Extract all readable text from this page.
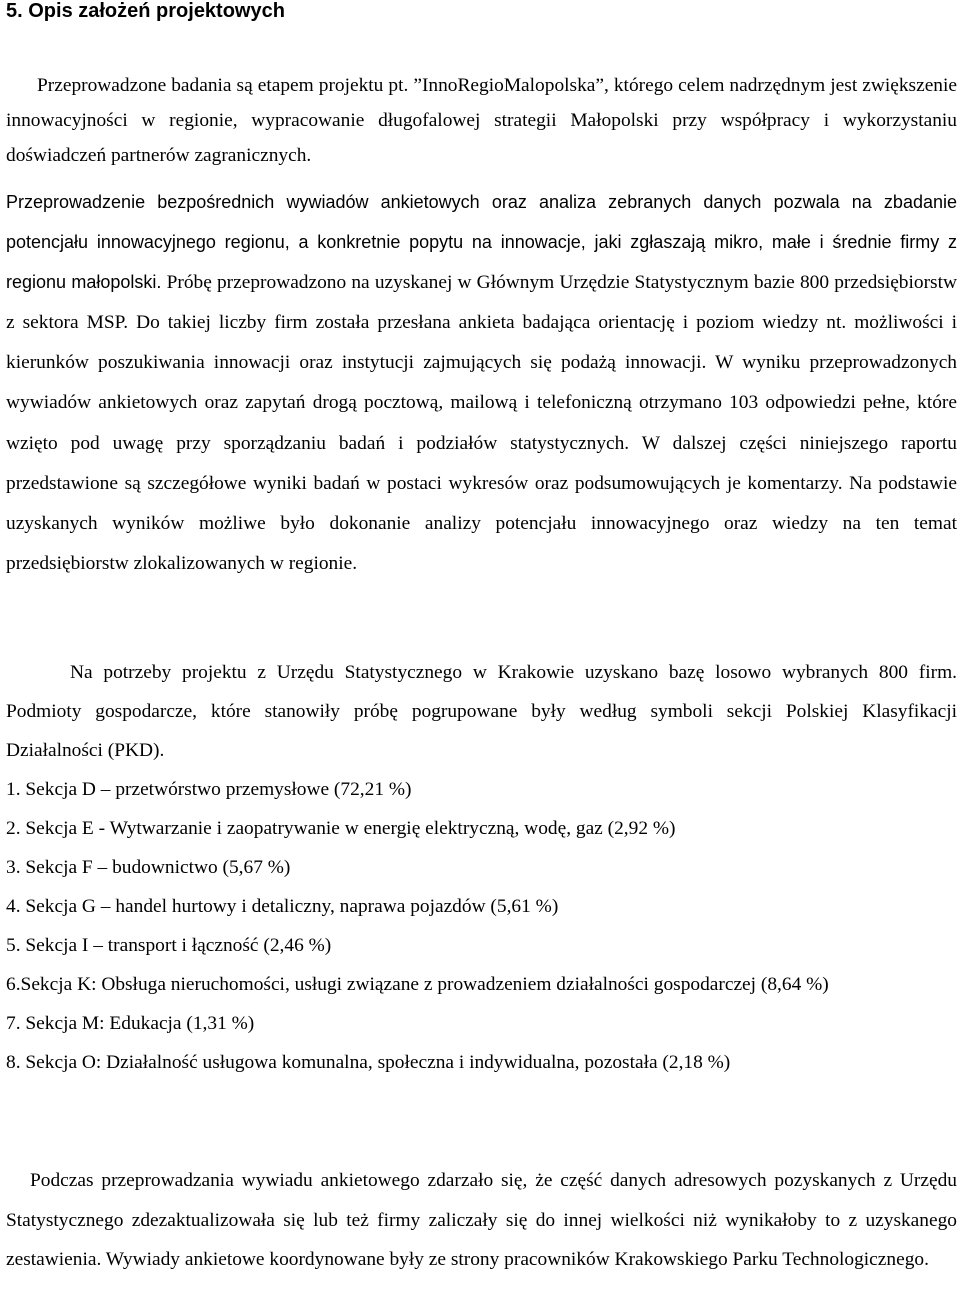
5. Opis założeń projektowych

Przeprowadzone badania są etapem projektu pt. ”InnoRegioMalopolska”, którego celem nadrzędnym jest zwiększenie innowacyjności w regionie, wypracowanie długofalowej strategii Małopolski przy współpracy i wykorzystaniu doświadczeń partnerów zagranicznych.

Przeprowadzenie bezpośrednich wywiadów ankietowych oraz analiza zebranych danych pozwala na zbadanie potencjału innowacyjnego regionu, a konkretnie popytu na innowacje, jaki zgłaszają mikro, małe i średnie firmy z regionu małopolski. Próbę przeprowadzono na uzyskanej w Głównym Urzędzie Statystycznym bazie 800 przedsiębiorstw z sektora MSP. Do takiej liczby firm została przesłana ankieta badająca orientację i poziom wiedzy nt. możliwości i kierunków poszukiwania innowacji oraz instytucji zajmujących się podażą innowacji. W wyniku przeprowadzonych wywiadów ankietowych oraz zapytań drogą pocztową, mailową i telefoniczną otrzymano 103 odpowiedzi pełne, które wzięto pod uwagę przy sporządzaniu badań i podziałów statystycznych. W dalszej części niniejszego raportu przedstawione są szczegółowe wyniki badań w postaci wykresów oraz podsumowujących je komentarzy. Na podstawie uzyskanych wyników możliwe było dokonanie analizy potencjału innowacyjnego oraz wiedzy na ten temat przedsiębiorstw zlokalizowanych w regionie.

Na potrzeby projektu z Urzędu Statystycznego w Krakowie uzyskano bazę losowo wybranych 800 firm. Podmioty gospodarcze, które stanowiły próbę pogrupowane były według symboli sekcji Polskiej Klasyfikacji Działalności (PKD).

1. Sekcja D – przetwórstwo przemysłowe (72,21 %)
2. Sekcja E - Wytwarzanie i zaopatrywanie w energię elektryczną, wodę, gaz (2,92 %)
3. Sekcja F – budownictwo (5,67 %)
4. Sekcja G – handel hurtowy i detaliczny, naprawa pojazdów (5,61 %)
5. Sekcja I – transport i łączność (2,46 %)
6.Sekcja K: Obsługa nieruchomości, usługi związane z prowadzeniem działalności gospodarczej (8,64 %)
7. Sekcja M: Edukacja (1,31 %)
8. Sekcja O: Działalność usługowa komunalna, społeczna i indywidualna, pozostała (2,18 %)

Podczas przeprowadzania wywiadu ankietowego zdarzało się, że część danych adresowych pozyskanych z Urzędu Statystycznego zdezaktualizowała się lub też firmy zaliczały się do innej wielkości niż wynikałoby to z uzyskanego zestawienia. Wywiady ankietowe koordynowane były ze strony pracowników Krakowskiego Parku Technologicznego.
